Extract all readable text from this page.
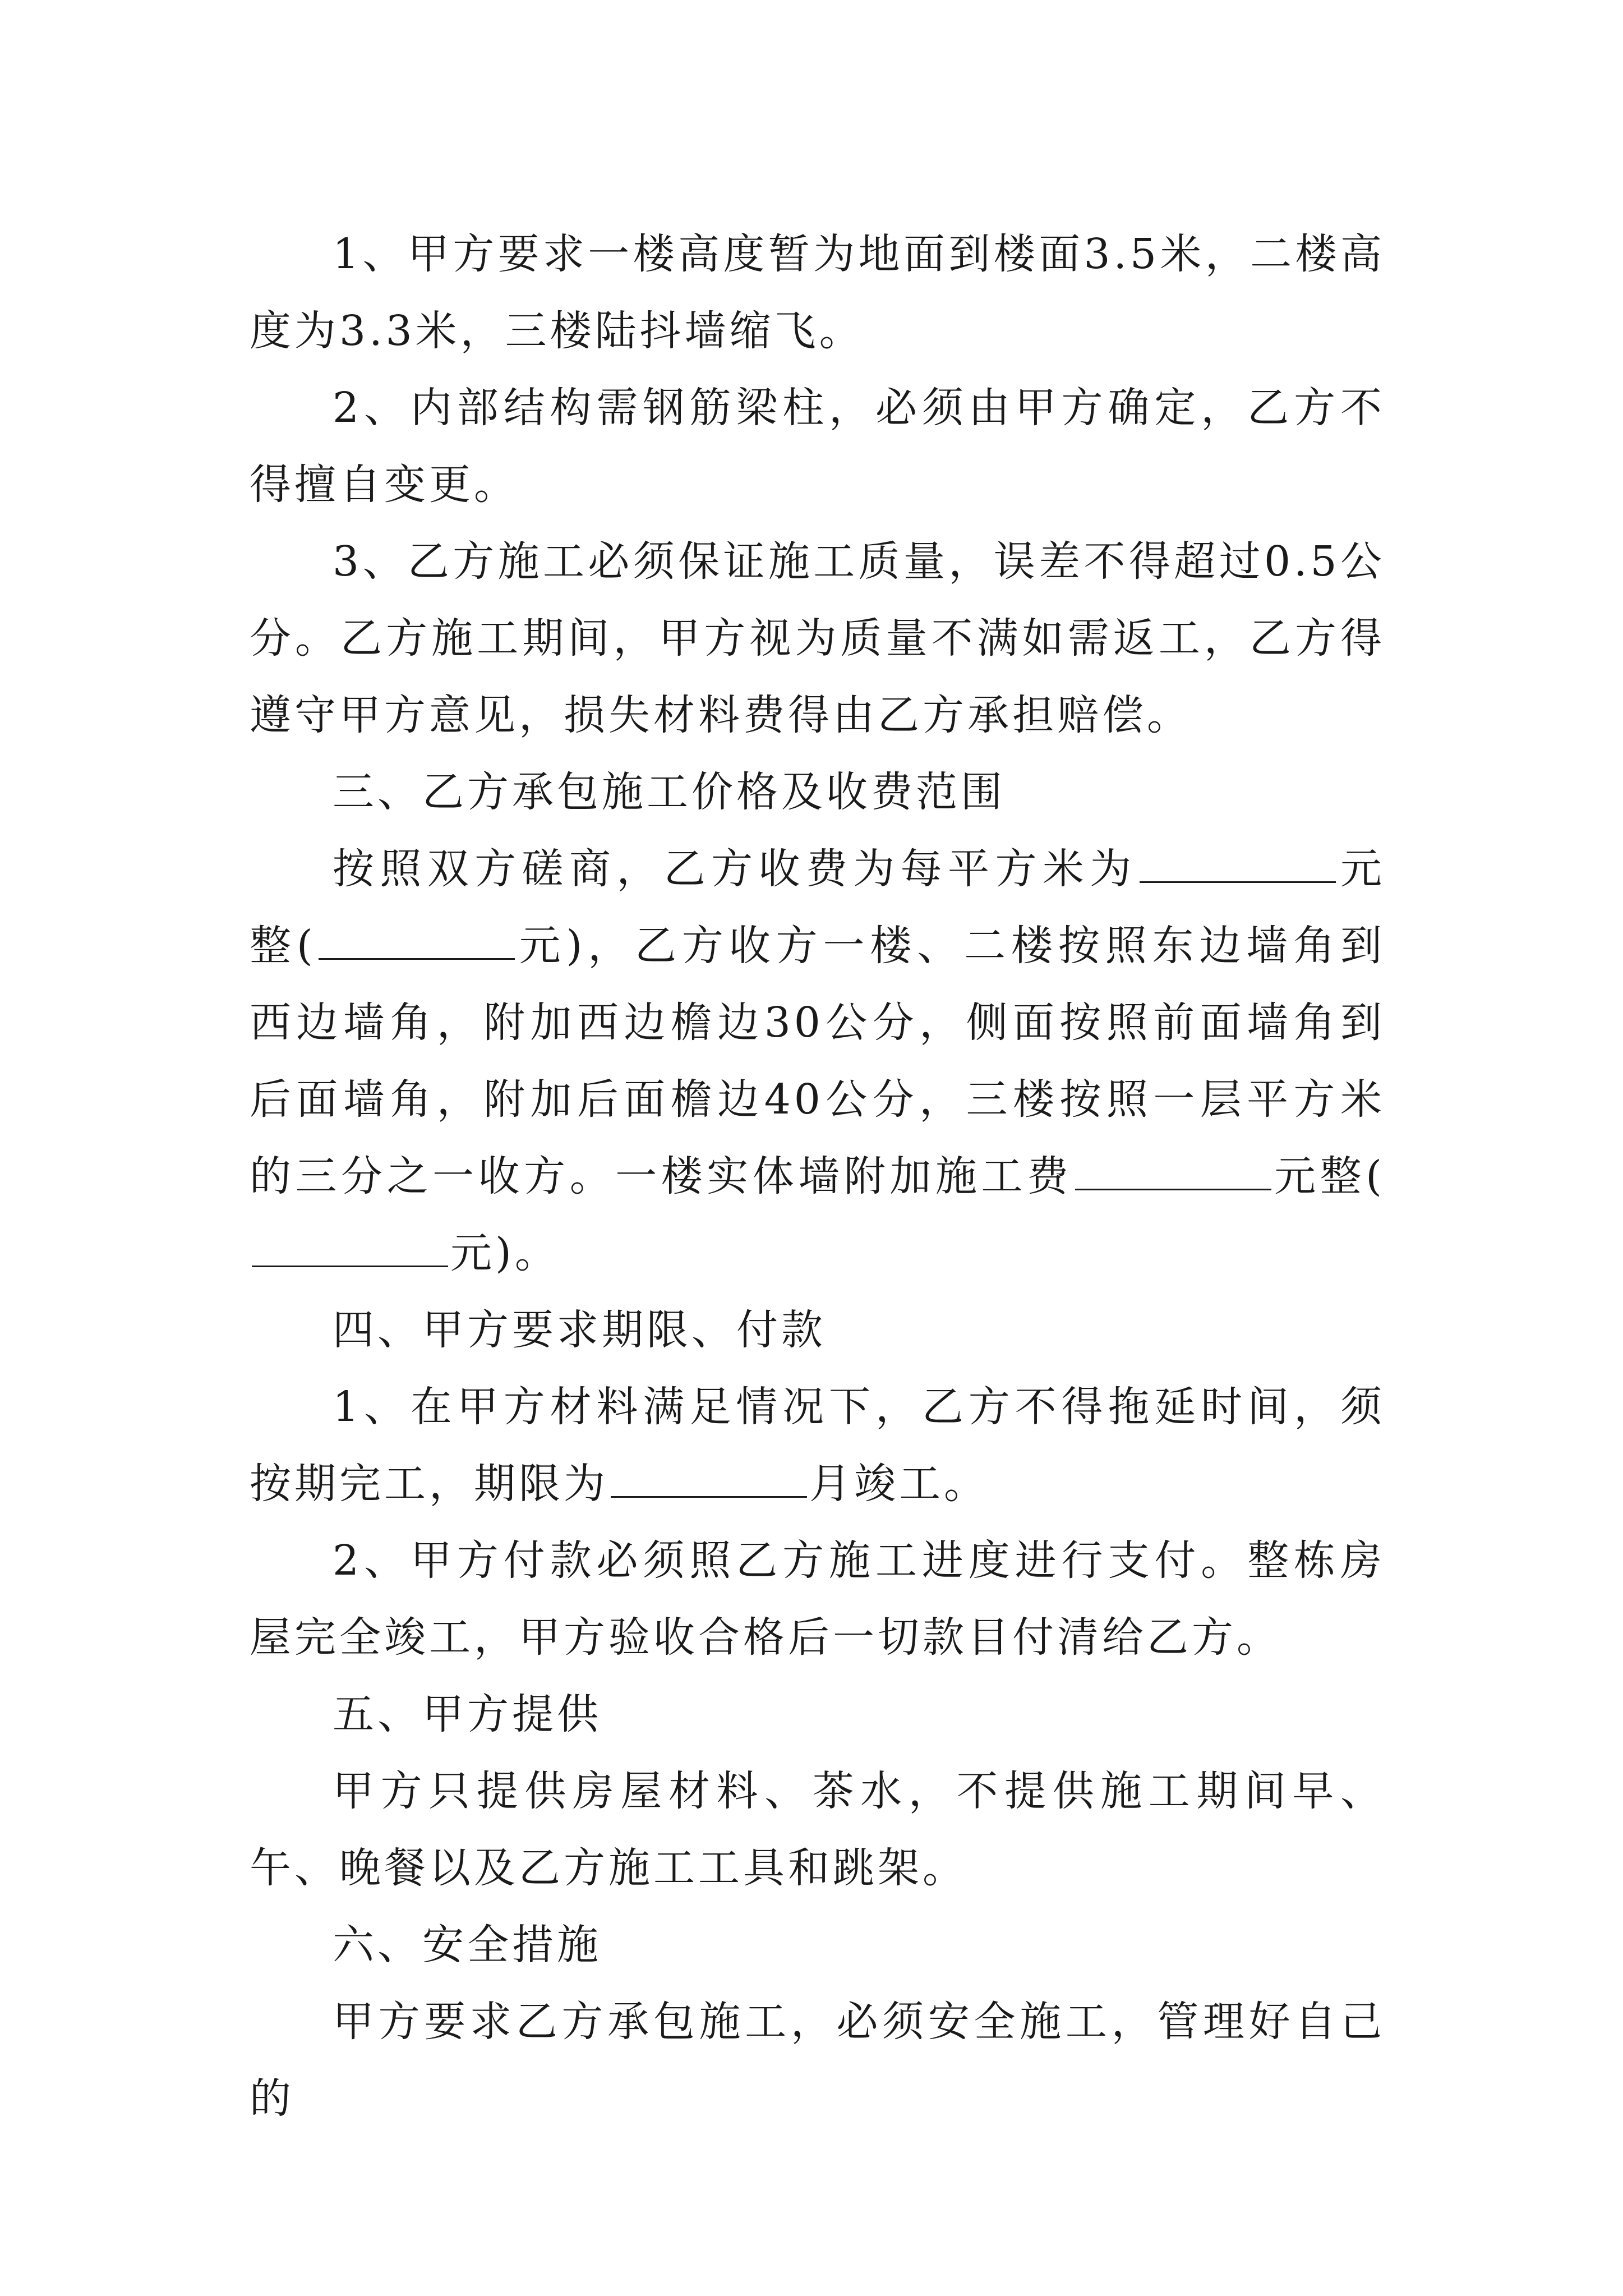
1、甲方要求一楼高度暂为地面到楼面3.5米，二楼高度为3.3米，三楼陆抖墙缩飞。

2、内部结构需钢筋梁柱，必须由甲方确定，乙方不得擅自变更。

3、乙方施工必须保证施工质量，误差不得超过0.5公分。乙方施工期间，甲方视为质量不满如需返工，乙方得遵守甲方意见，损失材料费得由乙方承担赔偿。

三、乙方承包施工价格及收费范围

按照双方磋商，乙方收费为每平方米为	元整(	元)，乙方收方一楼、二楼按照东边墙角到西边墙角，附加西边檐边30公分，侧面按照前面墙角到后面墙角，附加后面檐边40公分，三楼按照一层平方米的三分之一收方。一楼实体墙附加施工费	元整(元)。

四、甲方要求期限、付款

1、在甲方材料满足情况下，乙方不得拖延时间，须按期完工，期限为	月竣工。

2、甲方付款必须照乙方施工进度进行支付。整栋房屋完全竣工，甲方验收合格后一切款目付清给乙方。

五、甲方提供

甲方只提供房屋材料、茶水，不提供施工期间早、午、晚餐以及乙方施工工具和跳架。

六、安全措施

甲方要求乙方承包施工，必须安全施工，管理好自己的
